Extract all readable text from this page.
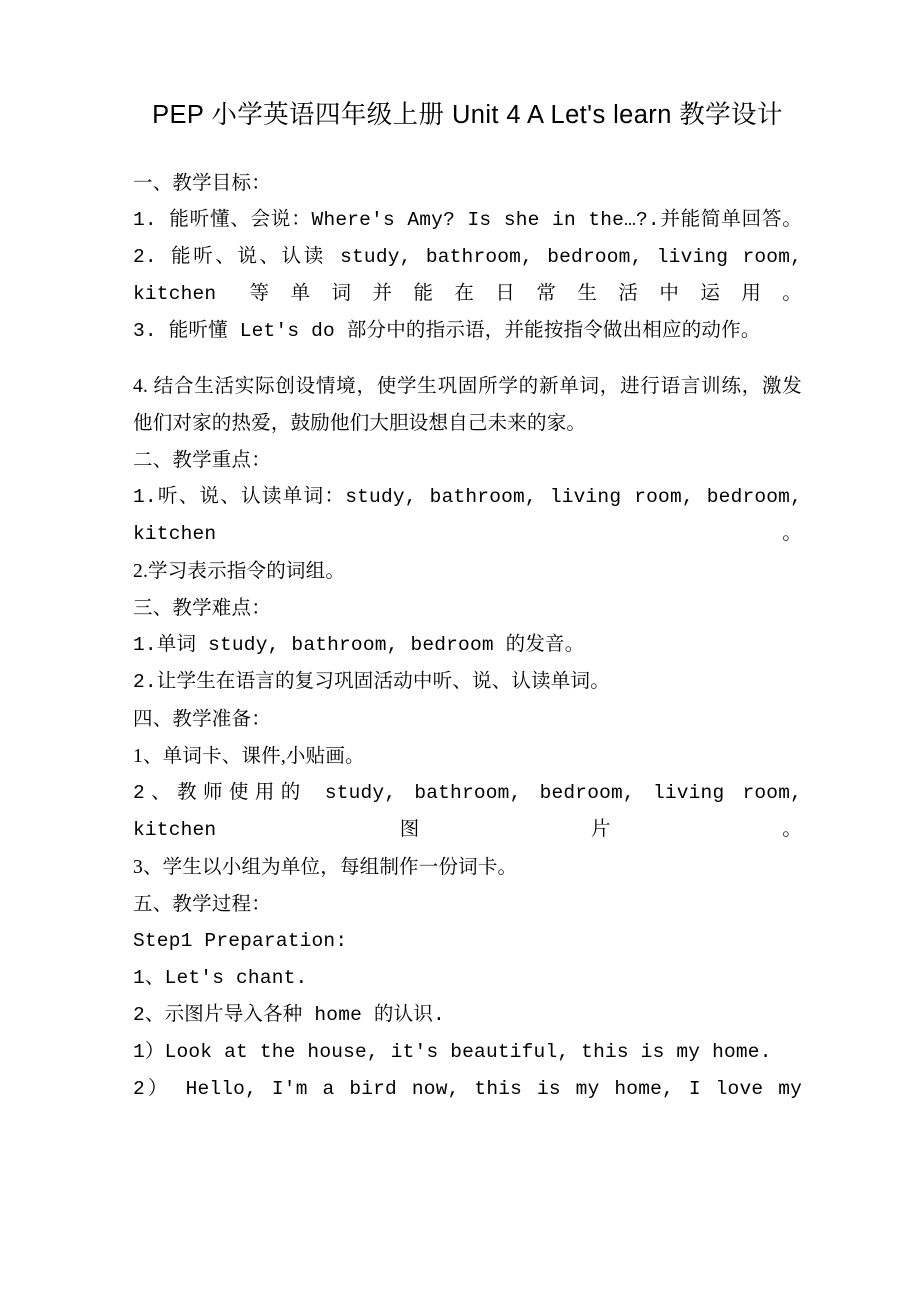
PEP 小学英语四年级上册 Unit 4 A Let's learn 教学设计

一、教学目标：

1. 能听懂、会说：Where's Amy? Is she in the…?.并能简单回答。

2. 能听、说、认读 study, bathroom, bedroom, living room, kitchen 等单词并能在日常生活中运用。

3. 能听懂 Let's do 部分中的指示语，并能按指令做出相应的动作。

4. 结合生活实际创设情境，使学生巩固所学的新单词，进行语言训练，激发他们对家的热爱，鼓励他们大胆设想自己未来的家。

二、教学重点：

1.听、说、认读单词：study, bathroom, living room, bedroom, kitchen。

2.学习表示指令的词组。

三、教学难点：

1.单词 study, bathroom, bedroom 的发音。

2.让学生在语言的复习巩固活动中听、说、认读单词。

四、教学准备：

1、单词卡、课件,小贴画。

2、教师使用的 study, bathroom, bedroom, living room, kitchen 图片。

3、学生以小组为单位，每组制作一份词卡。

五、教学过程：

Step1 Preparation:

1、Let's chant.

2、示图片导入各种 home 的认识.

1）Look at the house, it's beautiful, this is my home.

2） Hello, I'm a bird now, this is my home, I love my
